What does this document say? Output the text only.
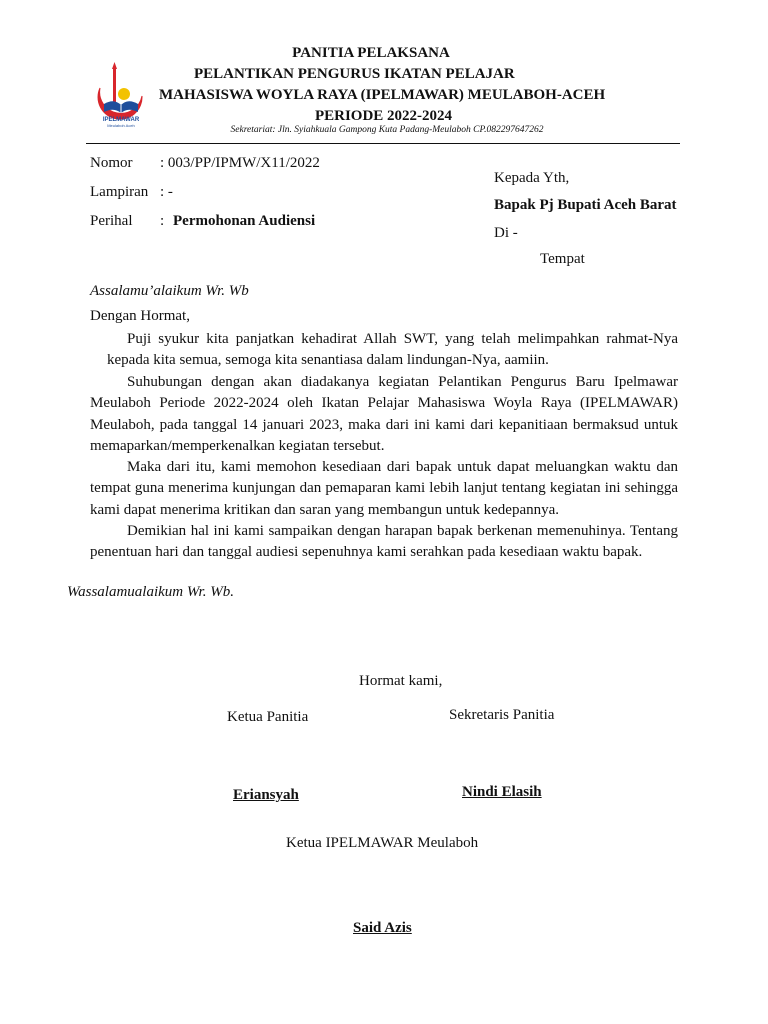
IPELMAWAR
Meulaboh Aceh
PANITIA PELAKSANA
PELANTIKAN PENGURUS IKATAN PELAJAR
MAHASISWA WOYLA RAYA (IPELMAWAR) MEULABOH-ACEH
PERIODE 2022-2024
Sekretariat: Jln. Syiahkuala Gampong Kuta Padang-Meulaboh CP.082297647262
Nomor : 003/PP/IPMW/X11/2022
Lampiran : -
Perihal : Permohonan Audiensi
Kepada Yth,
Bapak Pj Bupati Aceh Barat
Di -
Tempat
Assalamu’alaikum Wr. Wb
Dengan Hormat,
Puji syukur kita panjatkan kehadirat Allah SWT, yang telah melimpahkan rahmat-Nya
kepada kita semua, semoga kita senantiasa dalam lindungan-Nya, aamiin.
Suhubungan dengan akan diadakanya kegiatan Pelantikan Pengurus Baru Ipelmawar Meulaboh Periode 2022-2024 oleh Ikatan Pelajar Mahasiswa Woyla Raya (IPELMAWAR) Meulaboh, pada tanggal 14 januari 2023, maka dari ini kami dari kepanitiaan bermaksud untuk memaparkan/memperkenalkan kegiatan tersebut.
Maka dari itu, kami memohon kesediaan dari bapak untuk dapat meluangkan waktu dan tempat guna menerima kunjungan dan pemaparan kami lebih lanjut tentang kegiatan ini sehingga kami dapat menerima kritikan dan saran yang membangun untuk kedepannya.
Demikian hal ini kami sampaikan dengan harapan bapak berkenan memenuhinya. Tentang penentuan hari dan tanggal audiesi sepenuhnya kami serahkan pada kesediaan waktu bapak.
Wassalamualaikum Wr. Wb.
Hormat kami,
Ketua Panitia	Sekretaris Panitia
Eriansyah	Nindi Elasih
Ketua IPELMAWAR Meulaboh
Said Azis
